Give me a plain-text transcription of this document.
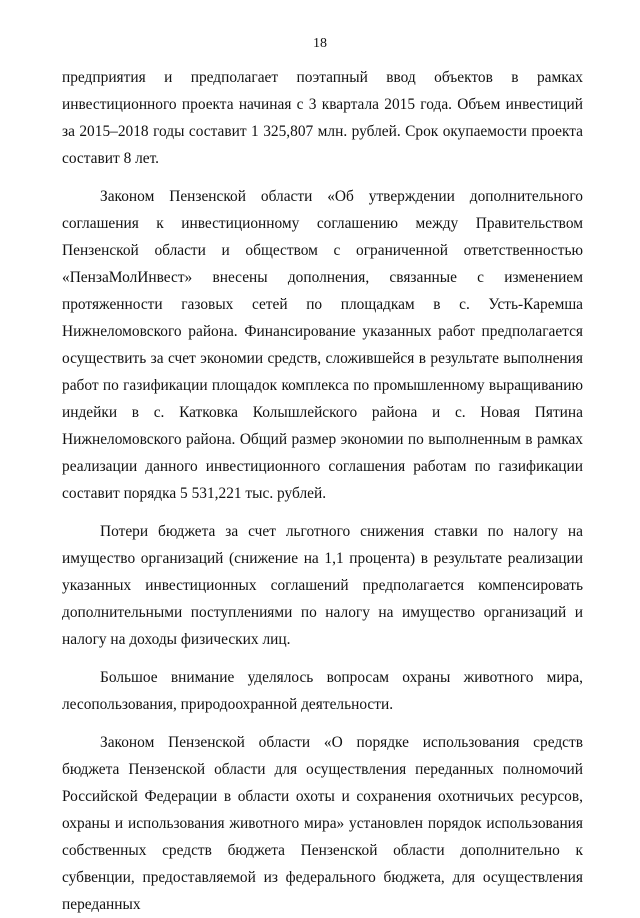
18

предприятия и предполагает поэтапный ввод объектов в рамках инвестиционного проекта начиная с 3 квартала 2015 года. Объем инвестиций за 2015–2018 годы составит 1 325,807 млн. рублей. Срок окупаемости проекта составит 8 лет.

Законом Пензенской области «Об утверждении дополнительного соглашения к инвестиционному соглашению между Правительством Пензенской области и обществом с ограниченной ответственностью «ПензаМолИнвест» внесены дополнения, связанные с изменением протяженности газовых сетей по площадкам в с. Усть-Каремша Нижнеломовского района. Финансирование указанных работ предполагается осуществить за счет экономии средств, сложившейся в результате выполнения работ по газификации площадок комплекса по промышленному выращиванию индейки в с. Катковка Колышлейского района и с. Новая Пятина Нижнеломовского района. Общий размер экономии по выполненным в рамках реализации данного инвестиционного соглашения работам по газификации составит порядка 5 531,221 тыс. рублей.

Потери бюджета за счет льготного снижения ставки по налогу на имущество организаций (снижение на 1,1 процента) в результате реализации указанных инвестиционных соглашений предполагается компенсировать дополнительными поступлениями по налогу на имущество организаций и налогу на доходы физических лиц.

Большое внимание уделялось вопросам охраны животного мира, лесопользования, природоохранной деятельности.

Законом Пензенской области «О порядке использования средств бюджета Пензенской области для осуществления переданных полномочий Российской Федерации в области охоты и сохранения охотничьих ресурсов, охраны и использования животного мира» установлен порядок использования собственных средств бюджета Пензенской области дополнительно к субвенции, предоставляемой из федерального бюджета, для осуществления переданных
